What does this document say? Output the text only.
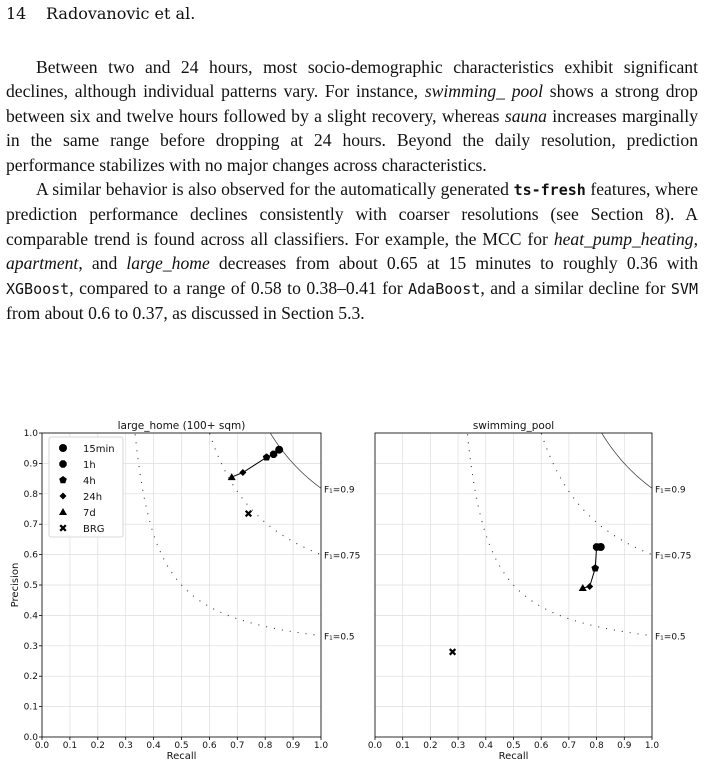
14 Radovanovic et al.

Between two and 24 hours, most socio-demographic characteristics exhibit significant declines, although individual patterns vary. For instance, swimming_ pool shows a strong drop between six and twelve hours followed by a slight recovery, whereas sauna increases marginally in the same range before dropping at 24 hours. Beyond the daily resolution, prediction performance stabilizes with no major changes across characteristics.

A similar behavior is also observed for the automatically generated ts-fresh features, where prediction performance declines consistently with coarser resolutions (see Section 8). A comparable trend is found across all classifiers. For example, the MCC for heat_pump_heating, apartment, and large_home decreases from about 0.65 at 15 minutes to roughly 0.36 with XGBoost, compared to a range of 0.58 to 0.38–0.41 for AdaBoost, and a similar decline for SVM from about 0.6 to 0.37, as discussed in Section 5.3.

F₁=0.9
F₁=0.75
F₁=0.5
0.0 0.1 0.2 0.3 0.4 0.5 0.6 0.7 0.8 0.9 1.0
0.0
0.1
0.2
0.3
0.4
0.5
0.6
0.7
0.8
0.9
1.0
large_home (100+ sqm)
Recall
Precision
15min
1h
4h
24h
7d
BRG
F₁=0.9
F₁=0.75
F₁=0.5
0.0 0.1 0.2 0.3 0.4 0.5 0.6 0.7 0.8 0.9 1.0
swimming_pool
Recall
